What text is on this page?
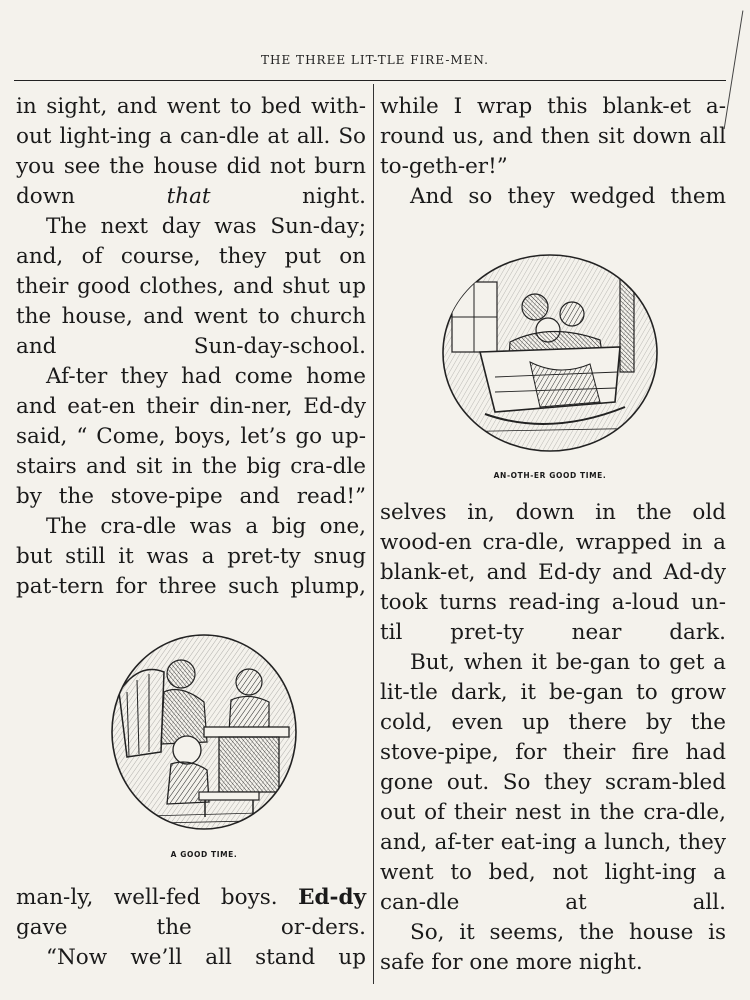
THE THREE LIT-TLE FIRE-MEN.

in sight, and went to bed with-out light-ing a can-dle at all. So you see the house did not burn down that night.

The next day was Sun-day; and, of course, they put on their good clothes, and shut up the house, and went to church and Sun-day-school.

Af-ter they had come home and eat-en their din-ner, Ed-dy said, “ Come, boys, let’s go up-stairs and sit in the big cra-dle by the stove-pipe and read!”

The cra-dle was a big one, but still it was a pret-ty snug pat-tern for three such plump,

A GOOD TIME.

man-ly, well-fed boys. Ed-dy gave the or-ders.

“Now we’ll all stand up

while I wrap this blank-et a-round us, and then sit down all to-geth-er!”

And so they wedged them

AN-OTH-ER GOOD TIME.

selves in, down in the old wood-en cra-dle, wrapped in a blank-et, and Ed-dy and Ad-dy took turns read-ing a-loud un-til pret-ty near dark.

But, when it be-gan to get a lit-tle dark, it be-gan to grow cold, even up there by the stove-pipe, for their fire had gone out. So they scram-bled out of their nest in the cra-dle, and, af-ter eat-ing a lunch, they went to bed, not light-ing a can-dle at all.

So, it seems, the house is safe for one more night.
